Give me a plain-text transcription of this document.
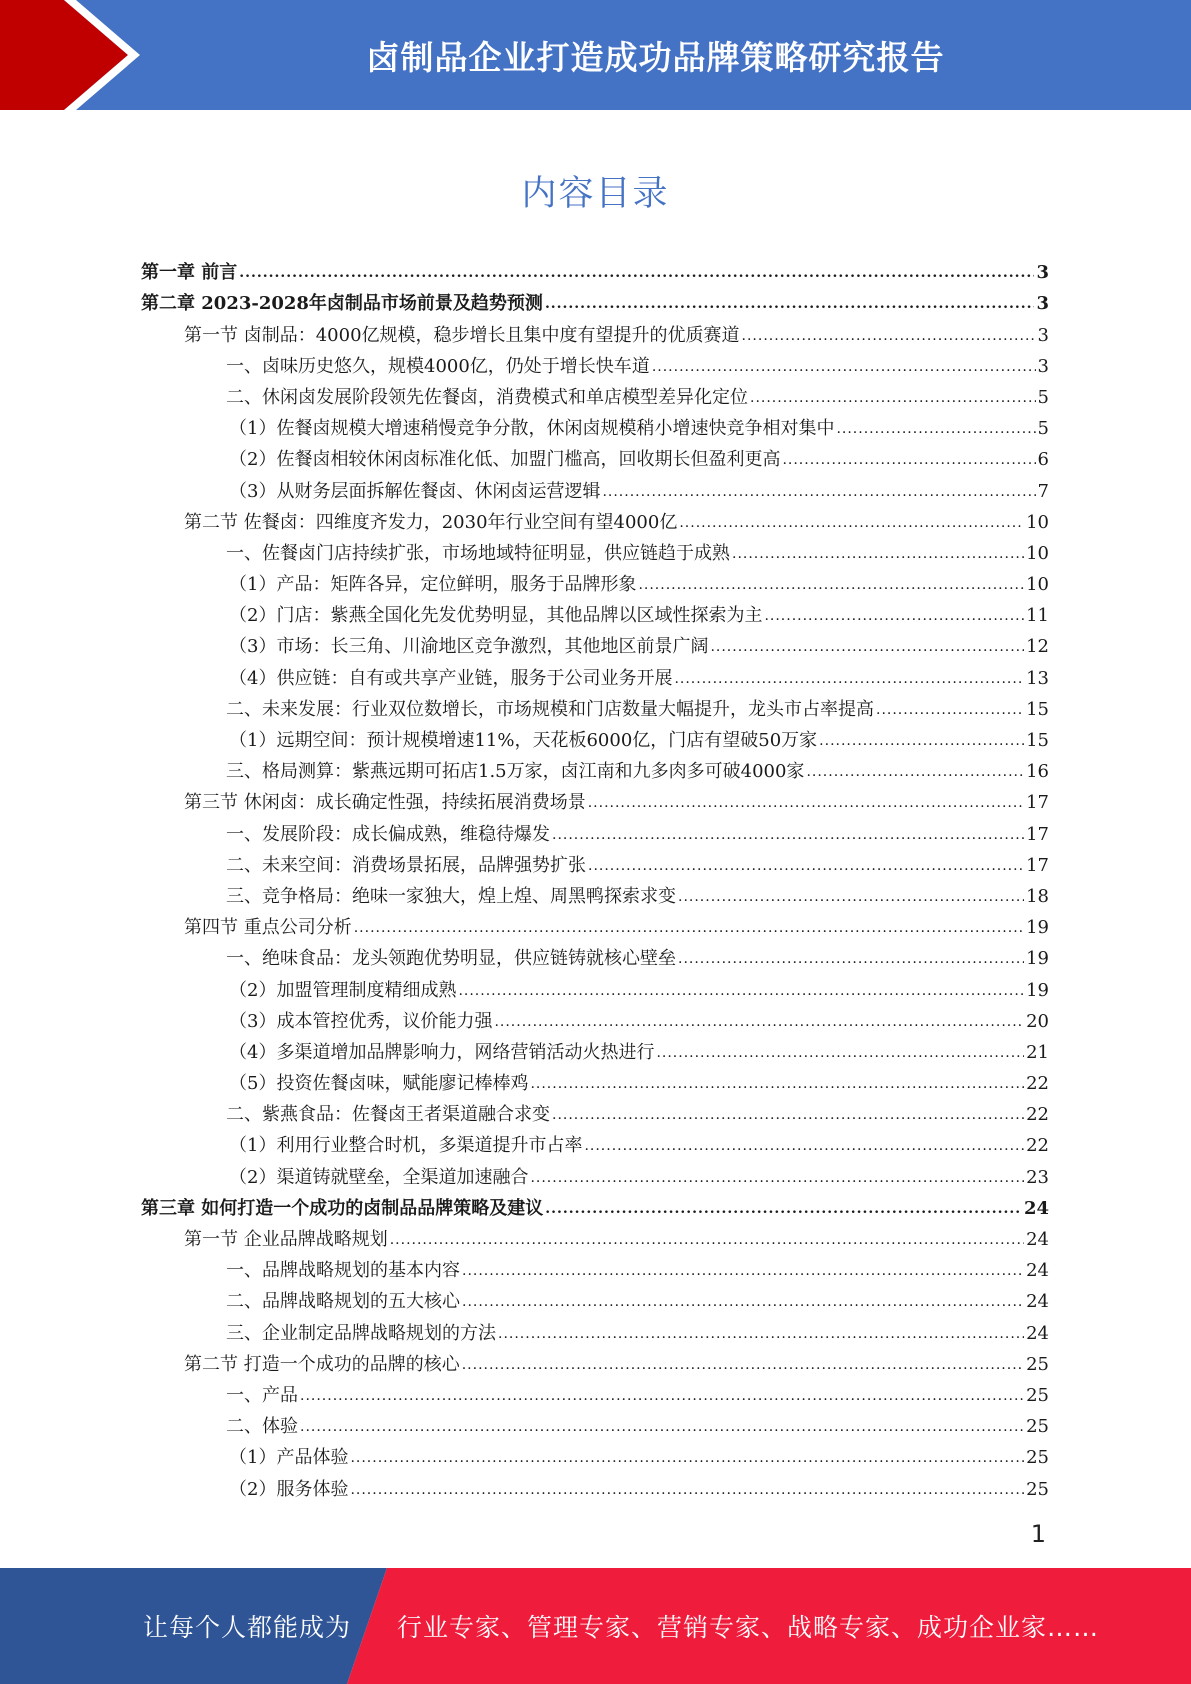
卤制品企业打造成功品牌策略研究报告
内容目录
第一章 前言 .....	3
第二章 2023-2028年卤制品市场前景及趋势预测 .....	3
第一节 卤制品：4000亿规模，稳步增长且集中度有望提升的优质赛道 .....	3
一、卤味历史悠久，规模4000亿，仍处于增长快车道 .....	3
二、休闲卤发展阶段领先佐餐卤，消费模式和单店模型差异化定位 .....	5
（1）佐餐卤规模大增速稍慢竞争分散，休闲卤规模稍小增速快竞争相对集中 .....	5
（2）佐餐卤相较休闲卤标准化低、加盟门槛高，回收期长但盈利更高 .....	6
（3）从财务层面拆解佐餐卤、休闲卤运营逻辑 .....	7
第二节 佐餐卤：四维度齐发力，2030年行业空间有望4000亿 .....	10
一、佐餐卤门店持续扩张，市场地域特征明显，供应链趋于成熟 .....	10
（1）产品：矩阵各异，定位鲜明，服务于品牌形象 .....	10
（2）门店：紫燕全国化先发优势明显，其他品牌以区域性探索为主 .....	11
（3）市场：长三角、川渝地区竞争激烈，其他地区前景广阔 .....	12
（4）供应链：自有或共享产业链，服务于公司业务开展 .....	13
二、未来发展：行业双位数增长，市场规模和门店数量大幅提升，龙头市占率提高 .....	15
（1）远期空间：预计规模增速11%，天花板6000亿，门店有望破50万家 .....	15
三、格局测算：紫燕远期可拓店1.5万家，卤江南和九多肉多可破4000家 .....	16
第三节 休闲卤：成长确定性强，持续拓展消费场景 .....	17
一、发展阶段：成长偏成熟，维稳待爆发 .....	17
二、未来空间：消费场景拓展，品牌强势扩张 .....	17
三、竞争格局：绝味一家独大，煌上煌、周黑鸭探索求变 .....	18
第四节 重点公司分析 .....	19
一、绝味食品：龙头领跑优势明显，供应链铸就核心壁垒 .....	19
（2）加盟管理制度精细成熟 .....	19
（3）成本管控优秀，议价能力强 .....	20
（4）多渠道增加品牌影响力，网络营销活动火热进行 .....	21
（5）投资佐餐卤味，赋能廖记棒棒鸡 .....	22
二、紫燕食品：佐餐卤王者渠道融合求变 .....	22
（1）利用行业整合时机，多渠道提升市占率 .....	22
（2）渠道铸就壁垒，全渠道加速融合 .....	23
第三章 如何打造一个成功的卤制品品牌策略及建议 .....	24
第一节 企业品牌战略规划 .....	24
一、品牌战略规划的基本内容 .....	24
二、品牌战略规划的五大核心 .....	24
三、企业制定品牌战略规划的方法 .....	24
第二节 打造一个成功的品牌的核心 .....	25
一、产品 .....	25
二、体验 .....	25
（1）产品体验 .....	25
（2）服务体验 .....	25
1
让每个人都能成为 行业专家、管理专家、营销专家、战略专家、成功企业家……
